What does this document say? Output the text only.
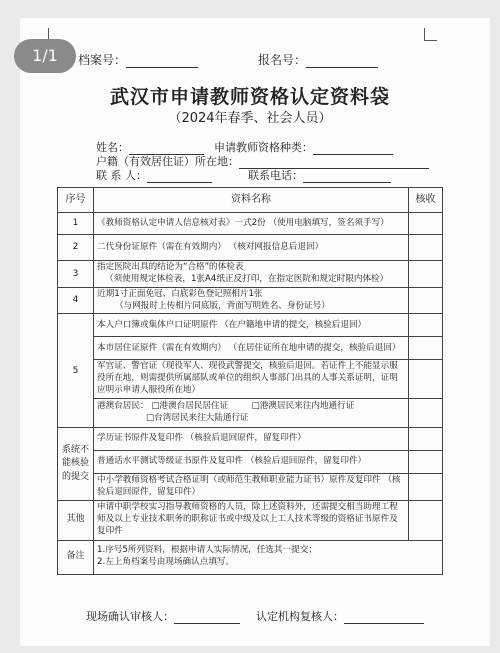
1/1	档案号：	报名号：
武汉市申请教师资格认定资料袋
（2024年春季、社会人员）
姓名：	申请教师资格种类：
户籍（有效居住证）所在地：
联 系 人：	联系电话：
序号	资料名称	核收
1	《教师资格认定申请人信息核对表》一式2份 （使用电脑填写，签名须手写）	
2	二代身份证原件（需在有效期内） （核对网报信息后退回）	
3	指定医院出具的结论为“合格”的体检表
（须使用规定体检表，1张A4纸正反打印，在指定医院和规定时限内体检）	

4	近期1寸正面免冠、白底彩色登记照相片1张
（与网报时上传相片同底版，背面写明姓名、身份证号）	

5	本人户口簿或集体户口证明原件 （在户籍地申请的提交，核验后退回）	
	本市居住证原件（需在有效期内） （在居住证所在地申请的提交，核验后退回）	
	军官证、警官证（现役军人、现役武警提交，核验后退回。若证件上不能显示服役所在地，则需提供所属部队或单位的组织人事部门出具的人事关系证明，证明应明示申请人服役所在地）	

	港澳台居民： □港澳台居民居住证 □港澳居民来往内地通行证
□台湾居民来往大陆通行证	

系统不能核验的提交	学历证书原件及复印件 （核验后退回原件，留复印件）	
	普通话水平测试等级证书原件及复印件 （核验后退回原件，留复印件）	
	中小学教师资格考试合格证明（或师范生教师职业能力证书）原件及复印件 （核验后退回原件，留复印件）	
其他	申请中职学校实习指导教师资格的人员，除上述资料外，还需提交相当助理工程师及以上专业技术职务的职称证书或中级及以上工人技术等级的资格证书原件及复印件	
备注	1.序号5所列资料，根据申请人实际情况，任选其一提交；
2.左上角档案号由现场确认点填写。	
现场确认审核人：	认定机构复核人：
